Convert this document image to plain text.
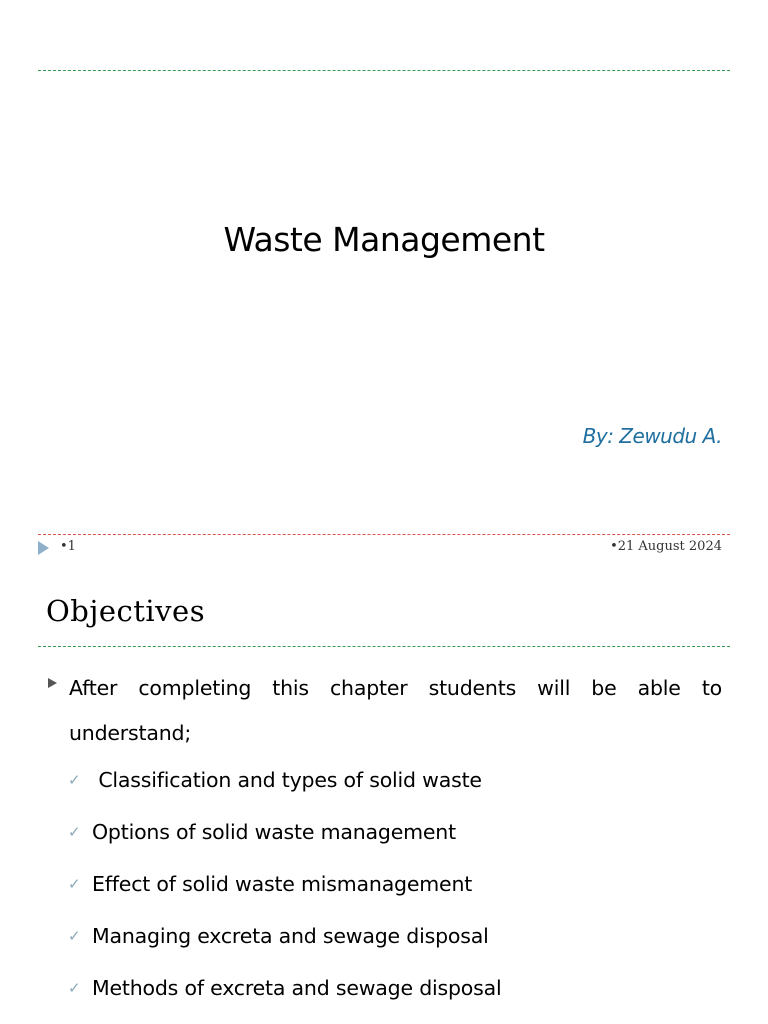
Waste Management
By: Zewudu A.
•1	•21 August 2024
Objectives
After completing this chapter students will be able to understand;
✓ Classification and types of solid waste
✓ Options of solid waste management
✓ Effect of solid waste mismanagement
✓ Managing excreta and sewage disposal
✓ Methods of excreta and sewage disposal
